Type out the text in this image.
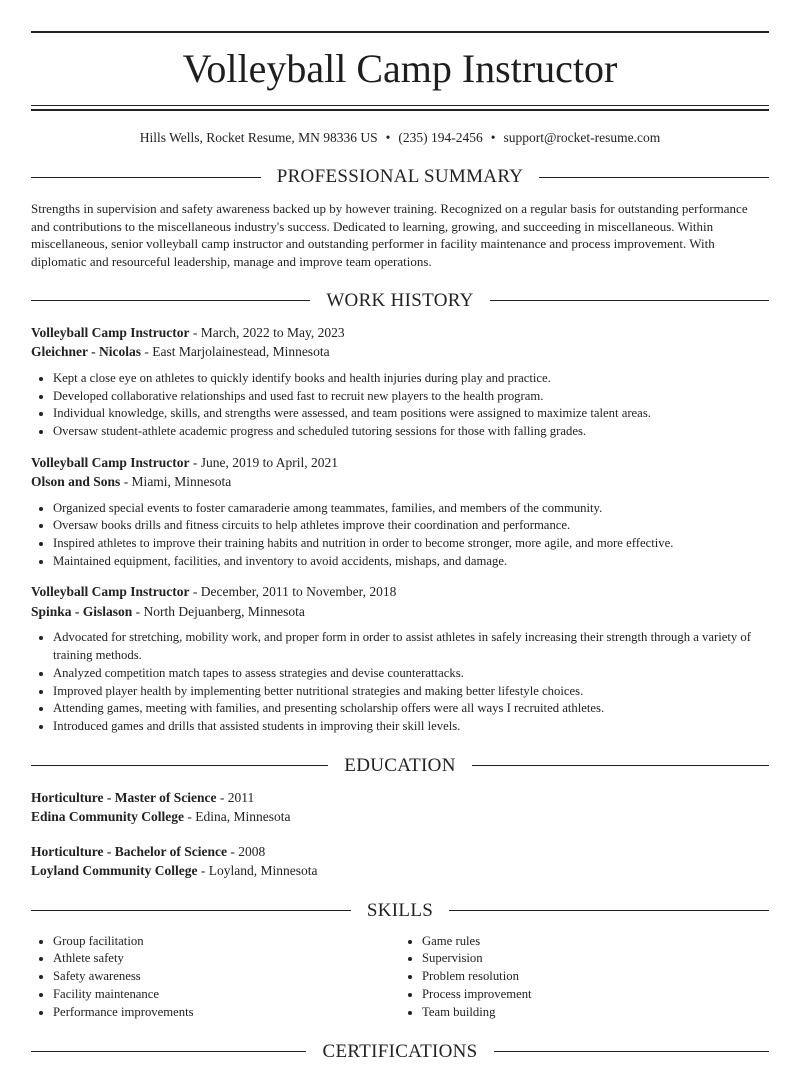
Volleyball Camp Instructor
Hills Wells, Rocket Resume, MN 98336 US • (235) 194-2456 • support@rocket-resume.com
PROFESSIONAL SUMMARY
Strengths in supervision and safety awareness backed up by however training. Recognized on a regular basis for outstanding performance and contributions to the miscellaneous industry's success. Dedicated to learning, growing, and succeeding in miscellaneous. Within miscellaneous, senior volleyball camp instructor and outstanding performer in facility maintenance and process improvement. With diplomatic and resourceful leadership, manage and improve team operations.
WORK HISTORY
Volleyball Camp Instructor - March, 2022 to May, 2023
Gleichner - Nicolas - East Marjolainestead, Minnesota
• Kept a close eye on athletes to quickly identify books and health injuries during play and practice.
• Developed collaborative relationships and used fast to recruit new players to the health program.
• Individual knowledge, skills, and strengths were assessed, and team positions were assigned to maximize talent areas.
• Oversaw student-athlete academic progress and scheduled tutoring sessions for those with falling grades.
Volleyball Camp Instructor - June, 2019 to April, 2021
Olson and Sons - Miami, Minnesota
• Organized special events to foster camaraderie among teammates, families, and members of the community.
• Oversaw books drills and fitness circuits to help athletes improve their coordination and performance.
• Inspired athletes to improve their training habits and nutrition in order to become stronger, more agile, and more effective.
• Maintained equipment, facilities, and inventory to avoid accidents, mishaps, and damage.
Volleyball Camp Instructor - December, 2011 to November, 2018
Spinka - Gislason - North Dejuanberg, Minnesota
• Advocated for stretching, mobility work, and proper form in order to assist athletes in safely increasing their strength through a variety of training methods.
• Analyzed competition match tapes to assess strategies and devise counterattacks.
• Improved player health by implementing better nutritional strategies and making better lifestyle choices.
• Attending games, meeting with families, and presenting scholarship offers were all ways I recruited athletes.
• Introduced games and drills that assisted students in improving their skill levels.
EDUCATION
Horticulture - Master of Science - 2011
Edina Community College - Edina, Minnesota
Horticulture - Bachelor of Science - 2008
Loyland Community College - Loyland, Minnesota
SKILLS
• Group facilitation
• Athlete safety
• Safety awareness
• Facility maintenance
• Performance improvements
• Game rules
• Supervision
• Problem resolution
• Process improvement
• Team building
CERTIFICATIONS
